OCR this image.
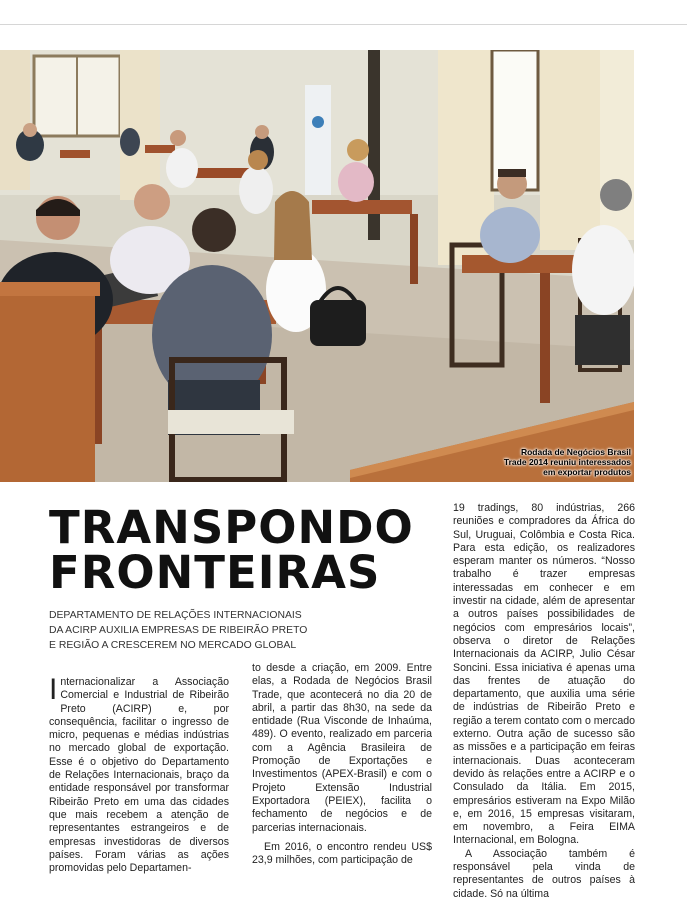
Rodada de Negócios Brasil
Trade 2014 reuniu interessados
em exportar produtos
TRANSPONDO
FRONTEIRAS
DEPARTAMENTO DE RELAÇÕES INTERNACIONAIS
DA ACIRP AUXILIA EMPRESAS DE RIBEIRÃO PRETO
E REGIÃO A CRESCEREM NO MERCADO GLOBAL

Internacionalizar a Associação Comercial e Industrial de Ribeirão Preto (ACIRP) e, por consequência, facilitar o ingresso de micro, pequenas e médias indústrias no mercado global de exportação. Esse é o objetivo do Departamento de Relações Internacionais, braço da entidade responsável por transformar Ribeirão Preto em uma das cidades que mais recebem a atenção de representantes estrangeiros e de empresas investidoras de diversos países. Foram várias as ações promovidas pelo Departamen-

to desde a criação, em 2009. Entre elas, a Rodada de Negócios Brasil Trade, que acontecerá no dia 20 de abril, a partir das 8h30, na sede da entidade (Rua Visconde de Inhaúma, 489). O evento, realizado em parceria com a Agência Brasileira de Promoção de Exportações e Investimentos (APEX-Brasil) e com o Projeto Extensão Industrial Exportadora (PEIEX), facilita o fechamento de negócios e de parcerias internacionais.

Em 2016, o encontro rendeu US$ 23,9 milhões, com participação de

19 tradings, 80 indústrias, 266 reuniões e compradores da África do Sul, Uruguai, Colômbia e Costa Rica. Para esta edição, os realizadores esperam manter os números. “Nosso trabalho é trazer empresas interessadas em conhecer e em investir na cidade, além de apresentar a outros países possibilidades de negócios com empresários locais”, observa o diretor de Relações Internacionais da ACIRP, Julio César Soncini. Essa iniciativa é apenas uma das frentes de atuação do departamento, que auxilia uma série de indústrias de Ribeirão Preto e região a terem contato com o mercado externo. Outra ação de sucesso são as missões e a participação em feiras internacionais. Duas aconteceram devido às relações entre a ACIRP e o Consulado da Itália. Em 2015, empresários estiveram na Expo Milão e, em 2016, 15 empresas visitaram, em novembro, a Feira EIMA Internacional, em Bologna.

A Associação também é responsável pela vinda de representantes de outros países à cidade. Só na última
